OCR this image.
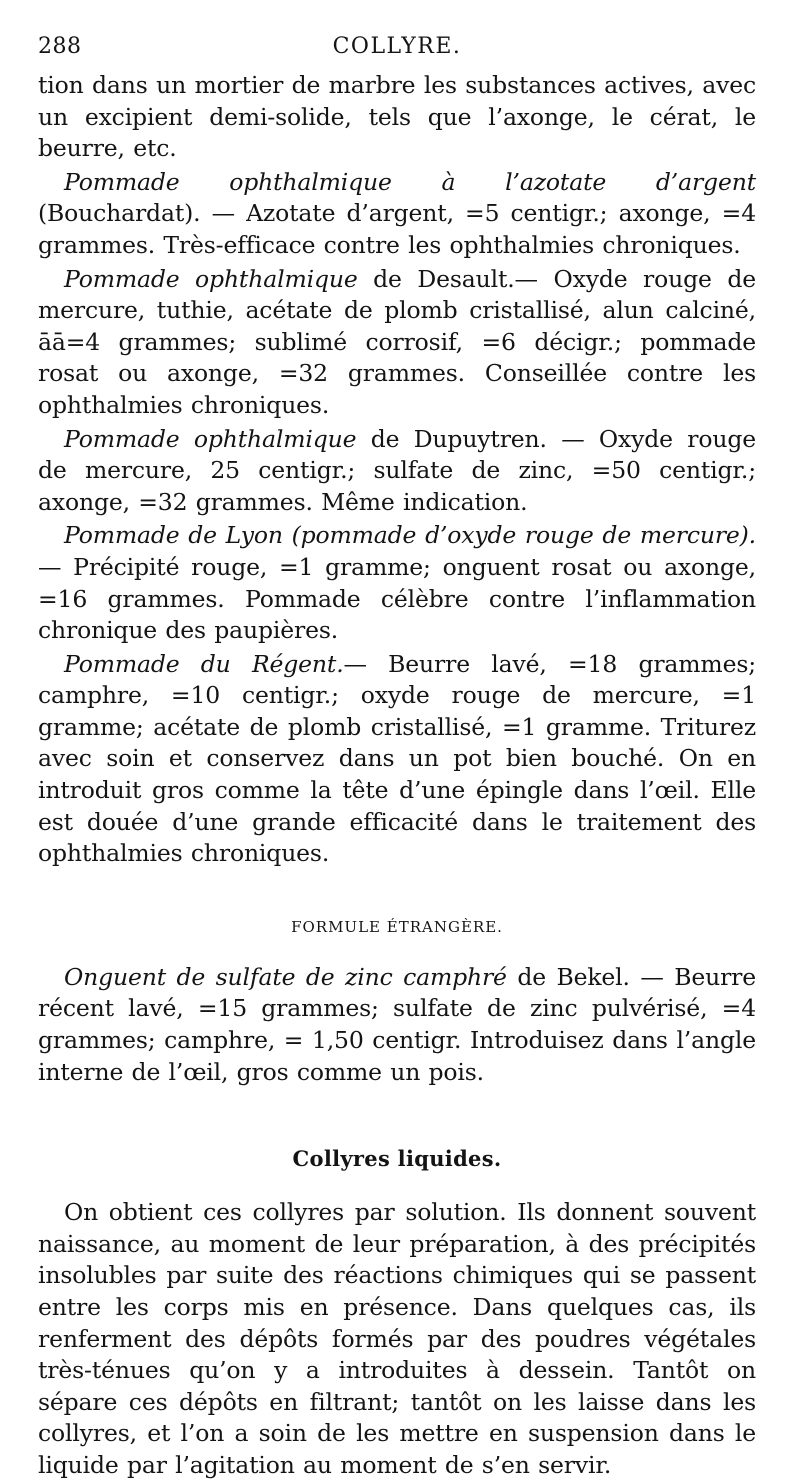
288	COLLYRE.

tion dans un mortier de marbre les substances actives, avec un excipient demi-solide, tels que l’axonge, le cérat, le beurre, etc.

Pommade ophthalmique à l’azotate d’argent (Bouchardat). — Azotate d’argent, =5 centigr.; axonge, =4 grammes. Très-efficace contre les ophthalmies chroniques.

Pommade ophthalmique de Desault.— Oxyde rouge de mercure, tuthie, acétate de plomb cristallisé, alun calciné, āā=4 grammes; sublimé corrosif, =6 décigr.; pommade rosat ou axonge, =32 grammes. Conseillée contre les ophthalmies chroniques.

Pommade ophthalmique de Dupuytren. — Oxyde rouge de mercure, 25 centigr.; sulfate de zinc, =50 centigr.; axonge, =32 grammes. Même indication.

Pommade de Lyon (pommade d’oxyde rouge de mercure). — Précipité rouge, =1 gramme; onguent rosat ou axonge, =16 grammes. Pommade célèbre contre l’inflammation chronique des paupières.

Pommade du Régent.— Beurre lavé, =18 grammes; camphre, =10 centigr.; oxyde rouge de mercure, =1 gramme; acétate de plomb cristallisé, =1 gramme. Triturez avec soin et conservez dans un pot bien bouché. On en introduit gros comme la tête d’une épingle dans l’œil. Elle est douée d’une grande efficacité dans le traitement des ophthalmies chroniques.

FORMULE ÉTRANGÈRE.

Onguent de sulfate de zinc camphré de Bekel. — Beurre récent lavé, =15 grammes; sulfate de zinc pulvérisé, =4 grammes; camphre, = 1,50 centigr. Introduisez dans l’angle interne de l’œil, gros comme un pois.

Collyres liquides.

On obtient ces collyres par solution. Ils donnent souvent naissance, au moment de leur préparation, à des précipités insolubles par suite des réactions chimiques qui se passent entre les corps mis en présence. Dans quelques cas, ils renferment des dépôts formés par des poudres végétales très-ténues qu’on y a introduites à dessein. Tantôt on sépare ces dépôts en filtrant; tantôt on les laisse dans les collyres, et l’on a soin de les mettre en suspension dans le liquide par l’agitation au moment de s’en servir.
